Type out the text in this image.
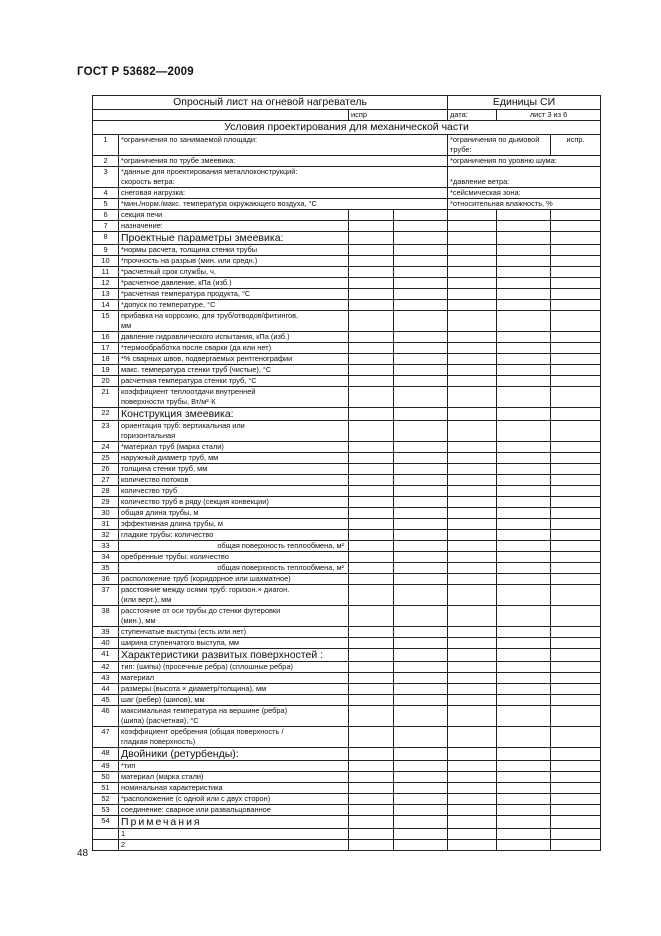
ГОСТ Р 53682—2009
Опросный лист на огневой нагреватель				Единицы СИ		
		испр		дата:	лист 3 из 6	
Условия проектирования для механической части						
1	*ограничения по занимаемой площади:			*ограничения по дымовой трубе:		испр.
2	*ограничения по трубе змеевика:			*ограничения по уровню шума:		

3	*данные для проектирования металлоконструкций:
скорость ветра:			*давление ветра:		

4	снеговая нагрузка:			*сейсмическая зона:		

5	*мин./норм./макс. температура окружающего воздуха, °С			*относительная влажность, %		

6	секция печи					

7	назначение:					

8	Проектные параметры змеевика:					

9	*нормы расчета, толщина стенки трубы					

10	*прочность на разрыв (мин. или средн.)					

11	*расчетный срок службы, ч.					

12	*расчетное давление, кПа (изб.)					

13	*расчетная температура продукта, °С					

14	*допуск по температуре, °С					

15	прибавка на коррозию, для труб/отводов/фитингов,
мм					

16	давление гидравлического испытания, кПа (изб.)					

17	*термообработка после сварки (да или нет)					

18	*% сварных швов, подвергаемых рентгенографии					

19	макс. температура стенки труб (чистые), °С					

20	расчетная температура стенки труб, °С					

21	коэффициент теплоотдачи внутренней
поверхности трубы, Вт/м²·К					

22	Конструкция змеевика:					

23	ориентация труб: вертикальная или
горизонтальная					

24	*материал труб (марка стали)					

25	наружный диаметр труб, мм					

26	толщина стенки труб, мм					

27	количество потоков					

28	количество труб					

29	количество труб в ряду (секция конвекции)					

30	общая длина трубы, м					

31	эффективная длина трубы, м					

32	гладкие трубы: количество					

33	общая поверхность теплообмена, м²					

34	оребренные трубы: количество					

35	общая поверхность теплообмена, м²					

36	расположение труб (коридорное или шахматное)					

37	расстояние между осями труб: горизон.× диагон.
(или верт.), мм					

38	расстояние от оси трубы до стенки футеровки
(мин.), мм					

39	ступенчатые выступы (есть или нет)					

40	ширина ступенчатого выступа, мм					

41	Характеристики развитых поверхностей :					

42	тип: (шипы) (просечные ребра) (сплошные ребра)					

43	материал					

44	размеры (высота × диаметр/толщина), мм					

45	шаг (ребер) (шипов), мм					

46	максимальная температура на вершине (ребра)
(шипа) (расчетная), °С					

47	коэффициент оребрения (общая поверхность /
гладкая поверхность)					

48	Двойники (ретурбенды):					

49	*тип					

50	материал (марка стали)					

51	номинальная характеристика					

52	*расположение (с одной или с двух сторон)					

53	соединение: сварное или развальцованное					

54	Примечания					

	1					

	2					

48
